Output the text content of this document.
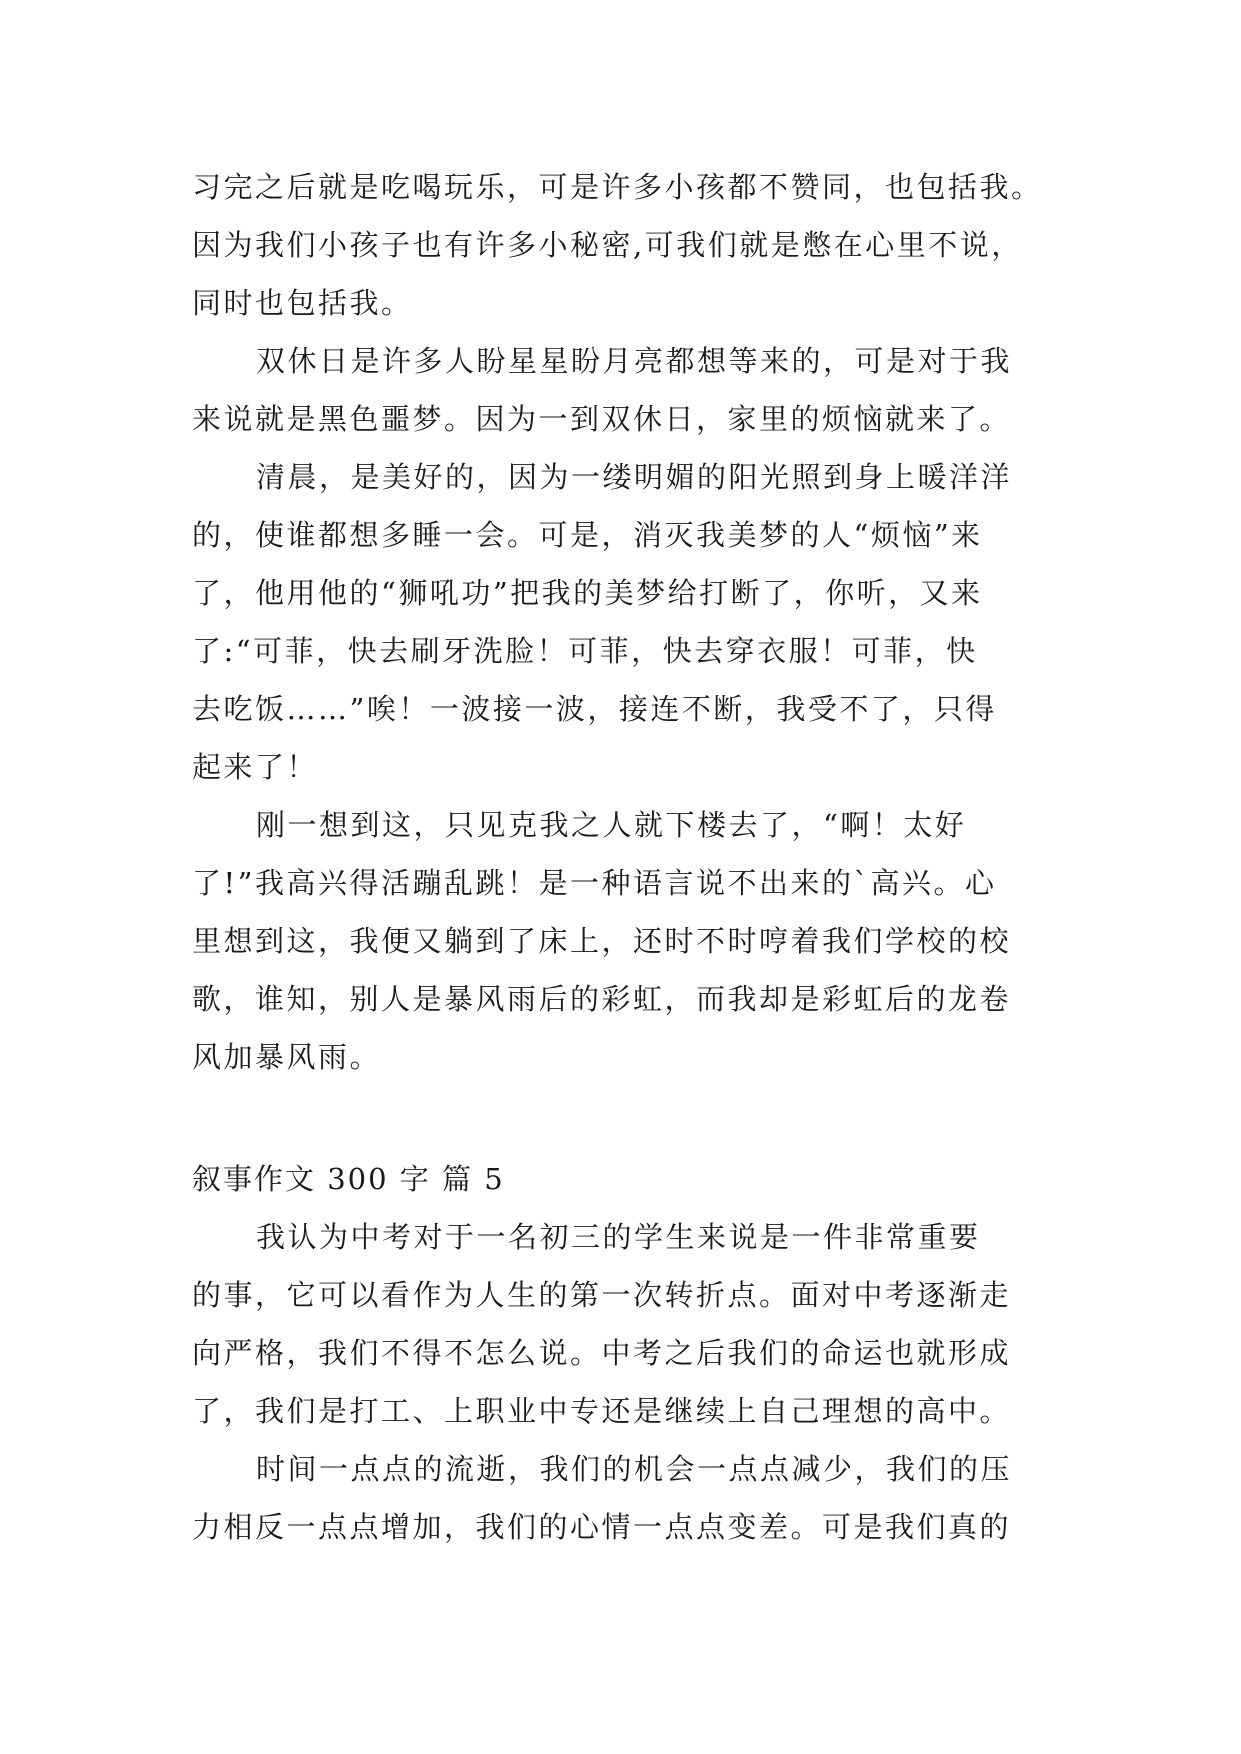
习完之后就是吃喝玩乐，可是许多小孩都不赞同，也包括我。
因为我们小孩子也有许多小秘密,可我们就是憋在心里不说，
同时也包括我。
双休日是许多人盼星星盼月亮都想等来的，可是对于我
来说就是黑色噩梦。因为一到双休日，家里的烦恼就来了。
清晨，是美好的，因为一缕明媚的阳光照到身上暖洋洋
的，使谁都想多睡一会。可是，消灭我美梦的人“烦恼”来
了，他用他的“狮吼功”把我的美梦给打断了，你听，又来
了:“可菲，快去刷牙洗脸！可菲，快去穿衣服！可菲，快
去吃饭……”唉！一波接一波，接连不断，我受不了，只得
起来了！
刚一想到这，只见克我之人就下楼去了，“啊！太好
了!”我高兴得活蹦乱跳！是一种语言说不出来的`高兴。心
里想到这，我便又躺到了床上，还时不时哼着我们学校的校
歌，谁知，别人是暴风雨后的彩虹，而我却是彩虹后的龙卷
风加暴风雨。
叙事作文 300 字 篇 5
我认为中考对于一名初三的学生来说是一件非常重要
的事，它可以看作为人生的第一次转折点。面对中考逐渐走
向严格，我们不得不怎么说。中考之后我们的命运也就形成
了，我们是打工、上职业中专还是继续上自己理想的高中。
时间一点点的流逝，我们的机会一点点减少，我们的压
力相反一点点增加，我们的心情一点点变差。可是我们真的
